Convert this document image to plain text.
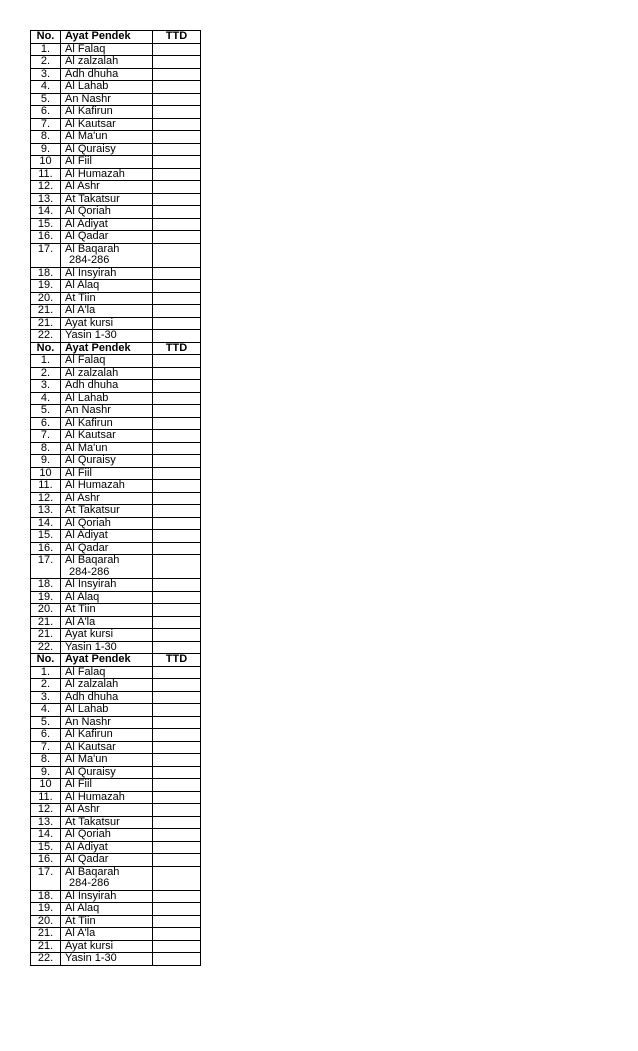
No.	Ayat Pendek	TTD
1.	Al Falaq	

2.	Al zalzalah	

3.	Adh dhuha	

4.	Al Lahab	

5.	An Nashr	

6.	Al Kafirun	

7.	Al Kautsar	

8.	Al Ma'un	

9.	Al Quraisy	

10	Al Fiil	

11.	Al Humazah	

12.	Al Ashr	

13.	At Takatsur	

14.	Al Qoriah	

15.	Al Adiyat	

16.	Al Qadar	

17.	Al Baqarah
284-286	

18.	Al Insyirah	

19.	Al Alaq	

20.	At Tiin	

21.	Al A'la	

21.	Ayat kursi	

22.	Yasin 1-30	

No.	Ayat Pendek	TTD
1.	Al Falaq	

2.	Al zalzalah	

3.	Adh dhuha	

4.	Al Lahab	

5.	An Nashr	

6.	Al Kafirun	

7.	Al Kautsar	

8.	Al Ma'un	

9.	Al Quraisy	

10	Al Fiil	

11.	Al Humazah	

12.	Al Ashr	

13.	At Takatsur	

14.	Al Qoriah	

15.	Al Adiyat	

16.	Al Qadar	

17.	Al Baqarah
284-286	

18.	Al Insyirah	

19.	Al Alaq	

20.	At Tiin	

21.	Al A'la	

21.	Ayat kursi	

22.	Yasin 1-30	

No.	Ayat Pendek	TTD
1.	Al Falaq	

2.	Al zalzalah	

3.	Adh dhuha	

4.	Al Lahab	

5.	An Nashr	

6.	Al Kafirun	

7.	Al Kautsar	

8.	Al Ma'un	

9.	Al Quraisy	

10	Al Fiil	

11.	Al Humazah	

12.	Al Ashr	

13.	At Takatsur	

14.	Al Qoriah	

15.	Al Adiyat	

16.	Al Qadar	

17.	Al Baqarah
284-286	

18.	Al Insyirah	

19.	Al Alaq	

20.	At Tiin	

21.	Al A'la	

21.	Ayat kursi	

22.	Yasin 1-30	
